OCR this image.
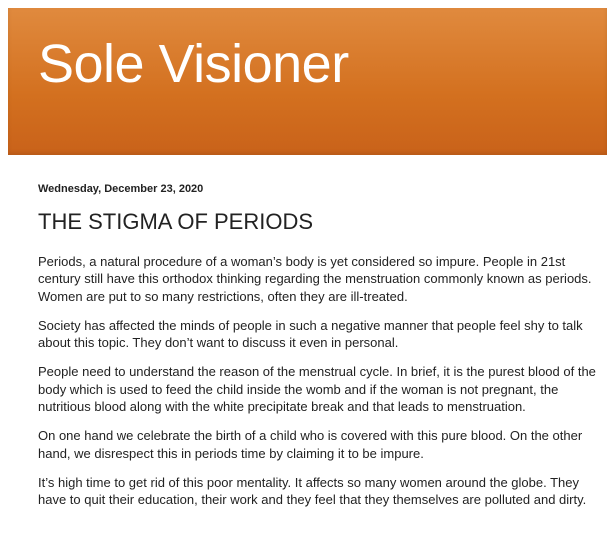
Sole Visioner
Wednesday, December 23, 2020
THE STIGMA OF PERIODS

Periods, a natural procedure of a woman’s body is yet considered so impure. People in 21st century still have this orthodox thinking regarding the menstruation commonly known as periods. Women are put to so many restrictions, often they are ill-treated.

Society has affected the minds of people in such a negative manner that people feel shy to talk about this topic. They don’t want to discuss it even in personal.

People need to understand the reason of the menstrual cycle. In brief, it is the purest blood of the body which is used to feed the child inside the womb and if the woman is not pregnant, the nutritious blood along with the white precipitate break and that leads to menstruation.

On one hand we celebrate the birth of a child who is covered with this pure blood. On the other hand, we disrespect this in periods time by claiming it to be impure.

It’s high time to get rid of this poor mentality. It affects so many women around the globe. They have to quit their education, their work and they feel that they themselves are polluted and dirty.
